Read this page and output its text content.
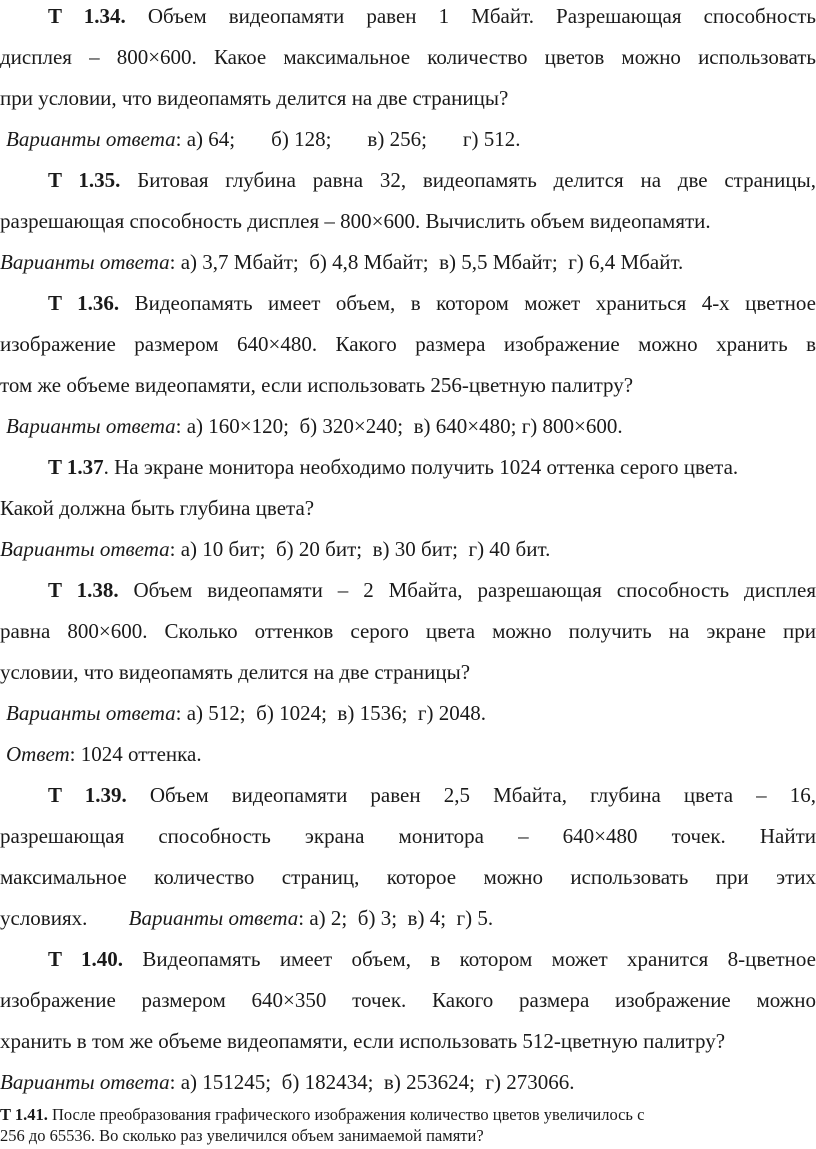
T 1.34. Объем видеопамяти равен 1 Мбайт. Разрешающая способность
дисплея – 800×600. Какое максимальное количество цветов можно использовать
при условии, что видеопамять делится на две страницы?
Варианты ответа: а) 64; б) 128; в) 256; г) 512.
T 1.35. Битовая глубина равна 32, видеопамять делится на две страницы,
разрешающая способность дисплея – 800×600. Вычислить объем видеопамяти.
Варианты ответа: а) 3,7 Мбайт; б) 4,8 Мбайт; в) 5,5 Мбайт; г) 6,4 Мбайт.
T 1.36. Видеопамять имеет объем, в котором может храниться 4-х цветное
изображение размером 640×480. Какого размера изображение можно хранить в
том же объеме видеопамяти, если использовать 256-цветную палитру?
Варианты ответа: а) 160×120; б) 320×240; в) 640×480; г) 800×600.
T 1.37. На экране монитора необходимо получить 1024 оттенка серого цвета.
Какой должна быть глубина цвета?
Варианты ответа: а) 10 бит; б) 20 бит; в) 30 бит; г) 40 бит.
T 1.38. Объем видеопамяти – 2 Мбайта, разрешающая способность дисплея
равна 800×600. Сколько оттенков серого цвета можно получить на экране при
условии, что видеопамять делится на две страницы?
Варианты ответа: а) 512; б) 1024; в) 1536; г) 2048.
Ответ: 1024 оттенка.
T 1.39. Объем видеопамяти равен 2,5 Мбайта, глубина цвета – 16,
разрешающая способность экрана монитора – 640×480 точек. Найти
максимальное количество страниц, которое можно использовать при этих
условиях. Варианты ответа: а) 2; б) 3; в) 4; г) 5.
T 1.40. Видеопамять имеет объем, в котором может хранится 8-цветное
изображение размером 640×350 точек. Какого размера изображение можно
хранить в том же объеме видеопамяти, если использовать 512-цветную палитру?
Варианты ответа: а) 151245; б) 182434; в) 253624; г) 273066.
T 1.41. После преобразования графического изображения количество цветов увеличилось с
256 до 65536. Во сколько раз увеличился объем занимаемой памяти?
